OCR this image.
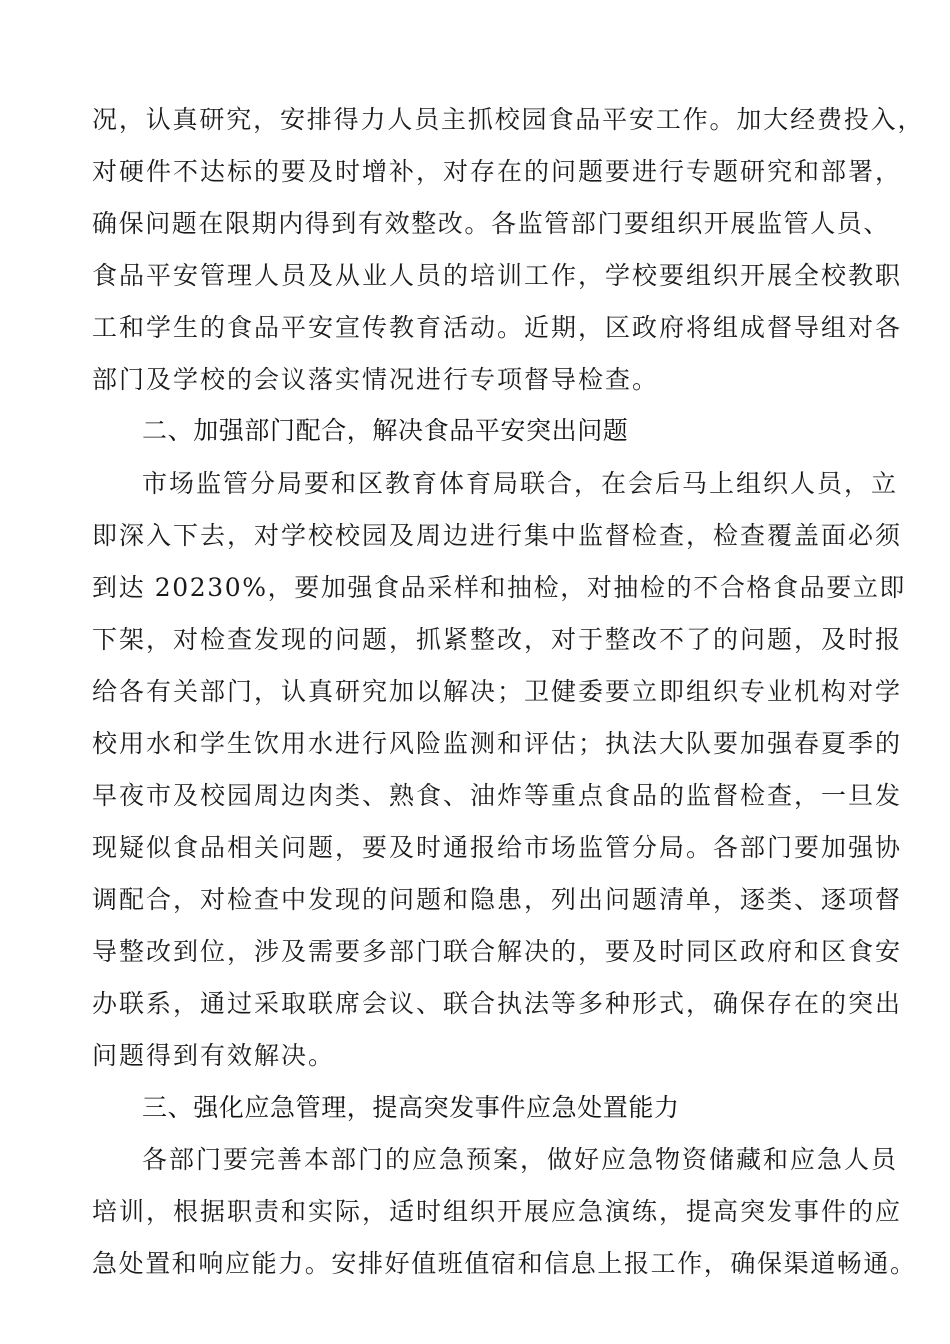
况，认真研究，安排得力人员主抓校园食品平安工作。加大经费投入，
对硬件不达标的要及时增补，对存在的问题要进行专题研究和部署，
确保问题在限期内得到有效整改。各监管部门要组织开展监管人员、
食品平安管理人员及从业人员的培训工作，学校要组织开展全校教职
工和学生的食品平安宣传教育活动。近期，区政府将组成督导组对各
部门及学校的会议落实情况进行专项督导检查。
二、加强部门配合，解决食品平安突出问题
市场监管分局要和区教育体育局联合，在会后马上组织人员，立
即深入下去，对学校校园及周边进行集中监督检查，检查覆盖面必须
到达 20230%，要加强食品采样和抽检，对抽检的不合格食品要立即
下架，对检查发现的问题，抓紧整改，对于整改不了的问题，及时报
给各有关部门，认真研究加以解决；卫健委要立即组织专业机构对学
校用水和学生饮用水进行风险监测和评估；执法大队要加强春夏季的
早夜市及校园周边肉类、熟食、油炸等重点食品的监督检查，一旦发
现疑似食品相关问题，要及时通报给市场监管分局。各部门要加强协
调配合，对检查中发现的问题和隐患，列出问题清单，逐类、逐项督
导整改到位，涉及需要多部门联合解决的，要及时同区政府和区食安
办联系，通过采取联席会议、联合执法等多种形式，确保存在的突出
问题得到有效解决。
三、强化应急管理，提高突发事件应急处置能力
各部门要完善本部门的应急预案，做好应急物资储藏和应急人员
培训，根据职责和实际，适时组织开展应急演练，提高突发事件的应
急处置和响应能力。安排好值班值宿和信息上报工作，确保渠道畅通。
